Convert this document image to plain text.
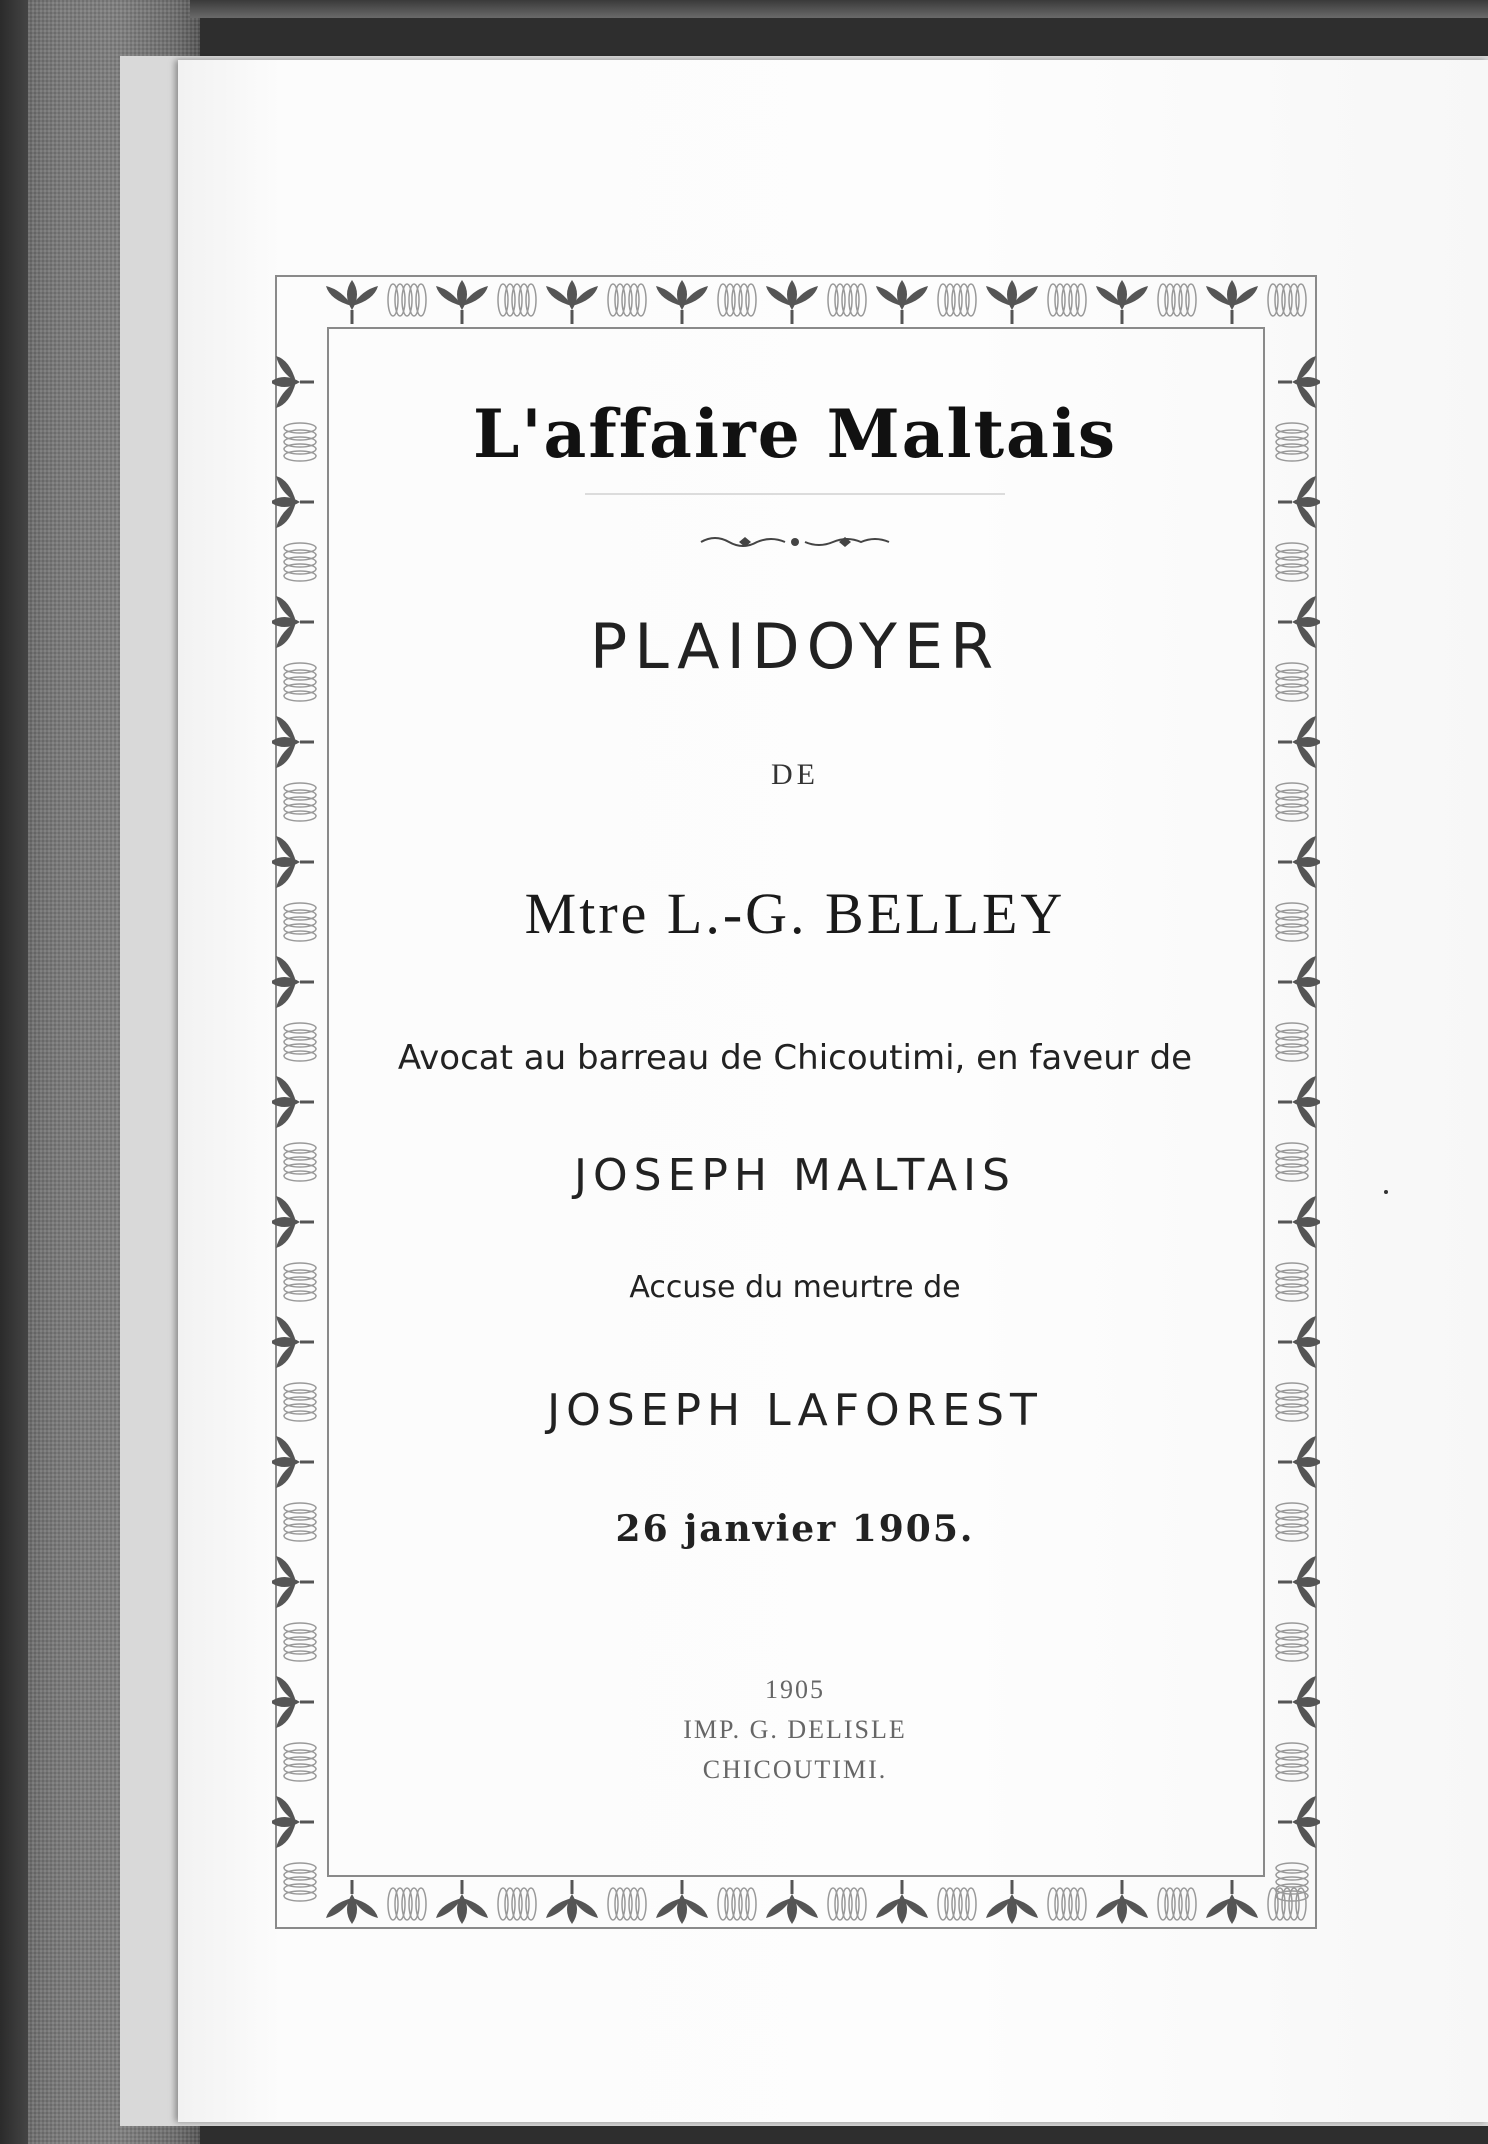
L'affaire Maltais
PLAIDOYER
DE
Mtre L.-G. BELLEY
Avocat au barreau de Chicoutimi, en faveur de
JOSEPH MALTAIS
Accuse du meurtre de
JOSEPH LAFOREST
26 janvier 1905.
1905
IMP. G. DELISLE
CHICOUTIMI.
